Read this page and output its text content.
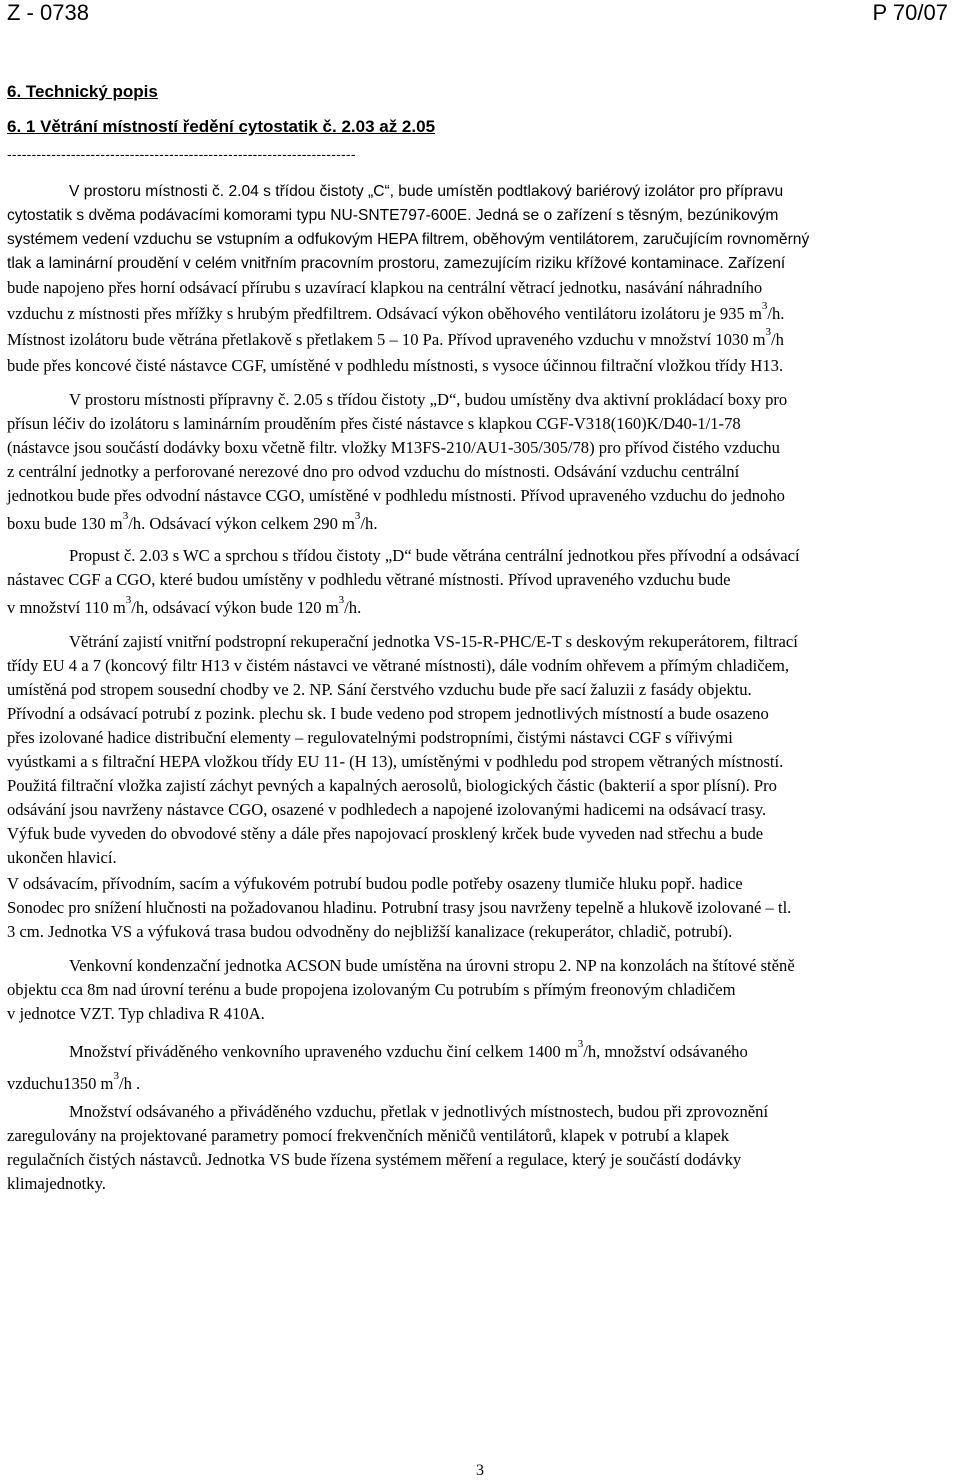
Z - 0738	P 70/07
6. Technický popis
6. 1 Větrání místností ředění cytostatik č. 2.03 až 2.05
-----------------------------------------------------------------------
V prostoru místnosti č. 2.04 s třídou čistoty „C“, bude umístěn podtlakový bariérový izolátor pro přípravu
cytostatik s dvěma podávacími komorami typu NU-SNTE797-600E. Jedná se o zařízení s těsným, bezúnikovým
systémem vedení vzduchu se vstupním a odfukovým HEPA filtrem, oběhovým ventilátorem, zaručujícím rovnoměrný
tlak a laminární proudění v celém vnitřním pracovním prostoru, zamezujícím riziku křížové kontaminace. Zařízení
bude napojeno přes horní odsávací přírubu s uzavírací klapkou na centrální větrací jednotku, nasávání náhradního
vzduchu z místnosti přes mřížky s hrubým předfiltrem. Odsávací výkon oběhového ventilátoru izolátoru je 935 $m^3/h$.
Místnost izolátoru bude větrána přetlakově s přetlakem 5 – 10 Pa. Přívod upraveného vzduchu v množství 1030 $m^3/h$
bude přes koncové čisté nástavce CGF, umístěné v podhledu místnosti, s vysoce účinnou filtrační vložkou třídy H13.
V prostoru místnosti přípravny č. 2.05 s třídou čistoty „D“, budou umístěny dva aktivní prokládací boxy pro
přísun léčiv do izolátoru s laminárním prouděním přes čisté nástavce s klapkou CGF-V318(160)K/D40-1/1-78
(nástavce jsou součástí dodávky boxu včetně filtr. vložky M13FS-210/AU1-305/305/78) pro přívod čistého vzduchu
z centrální jednotky a perforované nerezové dno pro odvod vzduchu do místnosti. Odsávání vzduchu centrální
jednotkou bude přes odvodní nástavce CGO, umístěné v podhledu místnosti. Přívod upraveného vzduchu do jednoho
boxu bude 130 $m^3/h$. Odsávací výkon celkem 290 $m^3/h$.
Propust č. 2.03 s WC a sprchou s třídou čistoty „D“ bude větrána centrální jednotkou přes přívodní a odsávací
nástavec CGF a CGO, které budou umístěny v podhledu větrané místnosti. Přívod upraveného vzduchu bude
v množství 110 $m^3/h$, odsávací výkon bude 120 $m^3/h$.
Větrání zajistí vnitřní podstropní rekuperační jednotka VS-15-R-PHC/E-T s deskovým rekuperátorem, filtrací
třídy EU 4 a 7 (koncový filtr H13 v čistém nástavci ve větrané místnosti), dále vodním ohřevem a přímým chladičem,
umístěná pod stropem sousední chodby ve 2. NP. Sání čerstvého vzduchu bude pře sací žaluzii z fasády objektu.
Přívodní a odsávací potrubí z pozink. plechu sk. I bude vedeno pod stropem jednotlivých místností a bude osazeno
přes izolované hadice distribuční elementy – regulovatelnými podstropními, čistými nástavci CGF s vířivými
vyústkami a s filtrační HEPA vložkou třídy EU 11- (H 13), umístěnými v podhledu pod stropem větraných místností.
Použitá filtrační vložka zajistí záchyt pevných a kapalných aerosolů, biologických částic (bakterií a spor plísní). Pro
odsávání jsou navrženy nástavce CGO, osazené v podhledech a napojené izolovanými hadicemi na odsávací trasy.
Výfuk bude vyveden do obvodové stěny a dále přes napojovací prosklený krček bude vyveden nad střechu a bude
ukončen hlavicí.
V odsávacím, přívodním, sacím a výfukovém potrubí budou podle potřeby osazeny tlumiče hluku popř. hadice
Sonodec pro snížení hlučnosti na požadovanou hladinu. Potrubní trasy jsou navrženy tepelně a hlukově izolované – tl.
3 cm. Jednotka VS a výfuková trasa budou odvodněny do nejbližší kanalizace (rekuperátor, chladič, potrubí).
Venkovní kondenzační jednotka ACSON bude umístěna na úrovni stropu 2. NP na konzolách na štítové stěně
objektu cca 8m nad úrovní terénu a bude propojena izolovaným Cu potrubím s přímým freonovým chladičem
v jednotce VZT. Typ chladiva R 410A.
Množství přiváděného venkovního upraveného vzduchu činí celkem 1400 $m^3/h$, množství odsávaného
vzduchu1350 $m^3/h$ .
Množství odsávaného a přiváděného vzduchu, přetlak v jednotlivých místnostech, budou při zprovoznění
zaregulovány na projektované parametry pomocí frekvenčních měničů ventilátorů, klapek v potrubí a klapek
regulačních čistých nástavců. Jednotka VS bude řízena systémem měření a regulace, který je součástí dodávky
klimajednotky.
3
